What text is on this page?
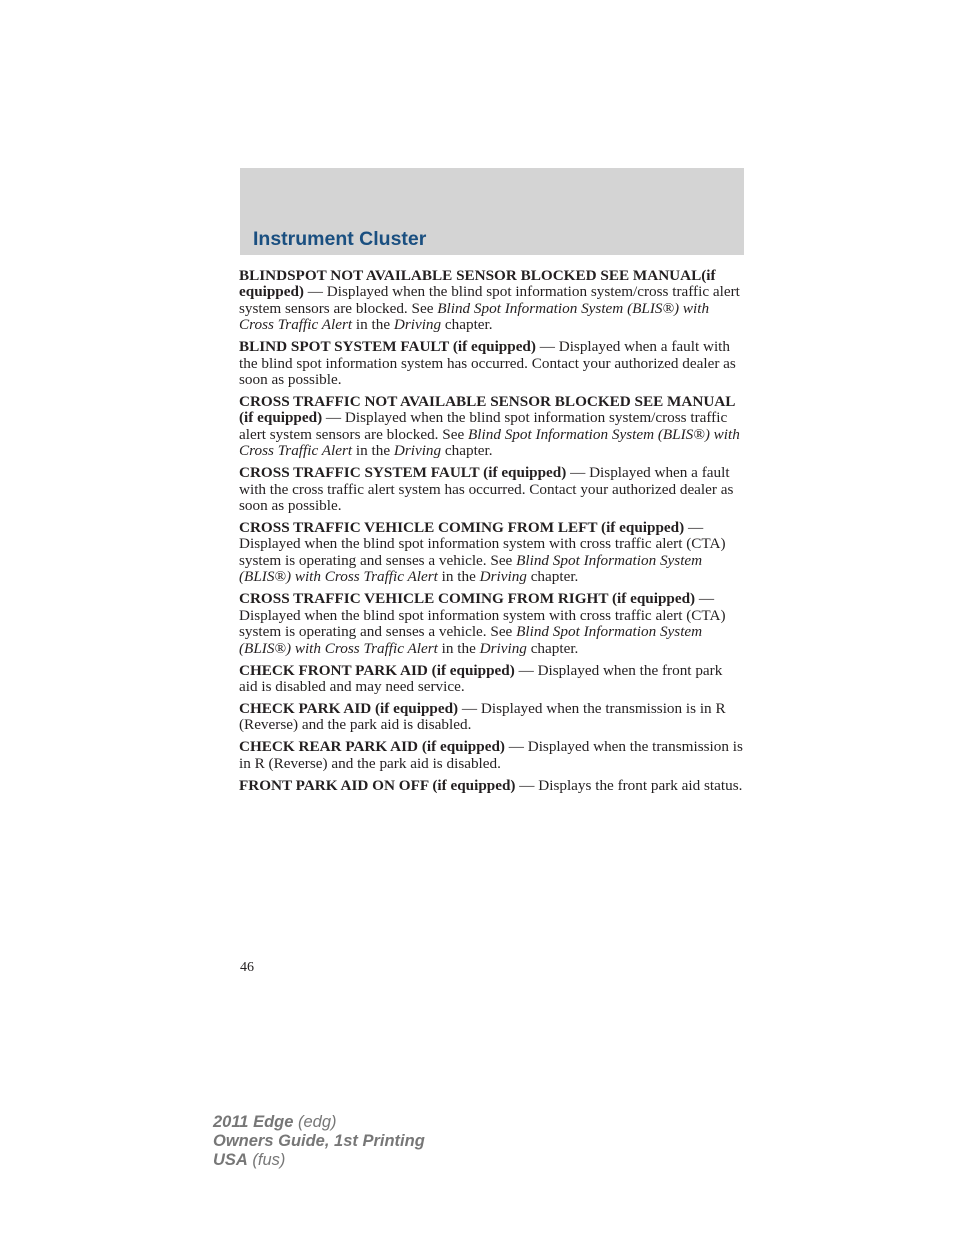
Instrument Cluster

BLINDSPOT NOT AVAILABLE SENSOR BLOCKED SEE MANUAL(if equipped) — Displayed when the blind spot information system/cross traffic alert system sensors are blocked. See Blind Spot Information System (BLIS®) with Cross Traffic Alert in the Driving chapter.

BLIND SPOT SYSTEM FAULT (if equipped) — Displayed when a fault with the blind spot information system has occurred. Contact your authorized dealer as soon as possible.

CROSS TRAFFIC NOT AVAILABLE SENSOR BLOCKED SEE MANUAL (if equipped) — Displayed when the blind spot information system/cross traffic alert system sensors are blocked. See Blind Spot Information System (BLIS®) with Cross Traffic Alert in the Driving chapter.

CROSS TRAFFIC SYSTEM FAULT (if equipped) — Displayed when a fault with the cross traffic alert system has occurred. Contact your authorized dealer as soon as possible.

CROSS TRAFFIC VEHICLE COMING FROM LEFT (if equipped) — Displayed when the blind spot information system with cross traffic alert (CTA) system is operating and senses a vehicle. See Blind Spot Information System (BLIS®) with Cross Traffic Alert in the Driving chapter.

CROSS TRAFFIC VEHICLE COMING FROM RIGHT (if equipped) — Displayed when the blind spot information system with cross traffic alert (CTA) system is operating and senses a vehicle. See Blind Spot Information System (BLIS®) with Cross Traffic Alert in the Driving chapter.

CHECK FRONT PARK AID (if equipped) — Displayed when the front park aid is disabled and may need service.

CHECK PARK AID (if equipped) — Displayed when the transmission is in R (Reverse) and the park aid is disabled.

CHECK REAR PARK AID (if equipped) — Displayed when the transmission is in R (Reverse) and the park aid is disabled.

FRONT PARK AID ON OFF (if equipped) — Displays the front park aid status.

46
2011 Edge (edg)
Owners Guide, 1st Printing
USA (fus)
